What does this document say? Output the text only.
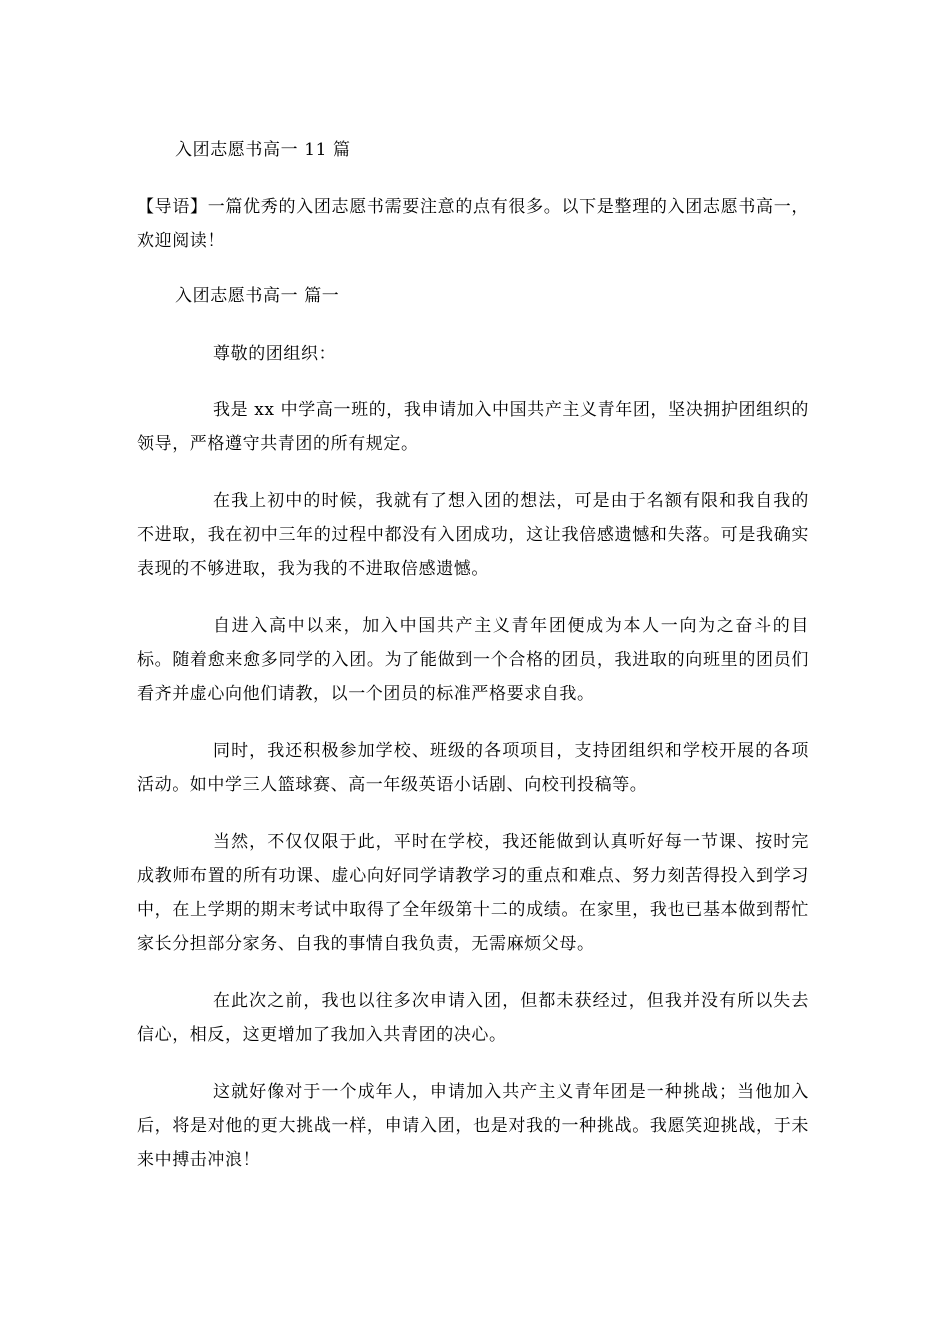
入团志愿书高一 11 篇

【导语】一篇优秀的入团志愿书需要注意的点有很多。以下是整理的入团志愿书高一，欢迎阅读！

入团志愿书高一 篇一

尊敬的团组织：

我是 xx 中学高一班的，我申请加入中国共产主义青年团，坚决拥护团组织的领导，严格遵守共青团的所有规定。

在我上初中的时候，我就有了想入团的想法，可是由于名额有限和我自我的不进取，我在初中三年的过程中都没有入团成功，这让我倍感遗憾和失落。可是我确实表现的不够进取，我为我的不进取倍感遗憾。

自进入高中以来，加入中国共产主义青年团便成为本人一向为之奋斗的目标。随着愈来愈多同学的入团。为了能做到一个合格的团员，我进取的向班里的团员们看齐并虚心向他们请教，以一个团员的标准严格要求自我。

同时，我还积极参加学校、班级的各项项目，支持团组织和学校开展的各项活动。如中学三人篮球赛、高一年级英语小话剧、向校刊投稿等。

当然，不仅仅限于此，平时在学校，我还能做到认真听好每一节课、按时完成教师布置的所有功课、虚心向好同学请教学习的重点和难点、努力刻苦得投入到学习中，在上学期的期末考试中取得了全年级第十二的成绩。在家里，我也已基本做到帮忙家长分担部分家务、自我的事情自我负责，无需麻烦父母。

在此次之前，我也以往多次申请入团，但都未获经过，但我并没有所以失去信心，相反，这更增加了我加入共青团的决心。

这就好像对于一个成年人，申请加入共产主义青年团是一种挑战；当他加入后，将是对他的更大挑战一样，申请入团，也是对我的一种挑战。我愿笑迎挑战，于未来中搏击冲浪！
